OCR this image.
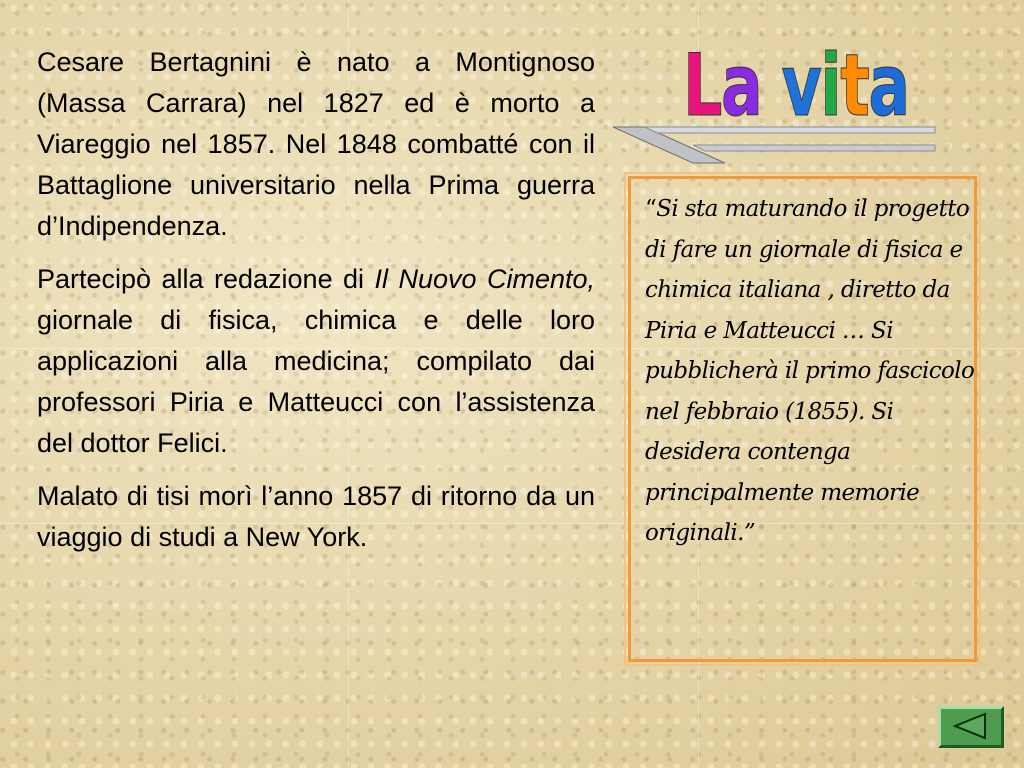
Cesare Bertagnini è nato a Montignoso (Massa Carrara) nel 1827 ed è morto a Viareggio nel 1857. Nel 1848 combatté con il Battaglione universitario nella Prima guerra d’Indipendenza.

Partecipò alla redazione di Il Nuovo Cimento, giornale di fisica, chimica e delle loro applicazioni alla medicina; compilato dai professori Piria e Matteucci con l’assistenza del dottor Felici.

Malato di tisi morì l’anno 1857 di ritorno da un viaggio di studi a New York.

La vita
“Si sta maturando il progetto di fare un giornale di fisica e chimica italiana , diretto da Piria e Matteucci … Si pubblicherà il primo fascicolo nel febbraio (1855). Si desidera contenga principalmente memorie originali.”
